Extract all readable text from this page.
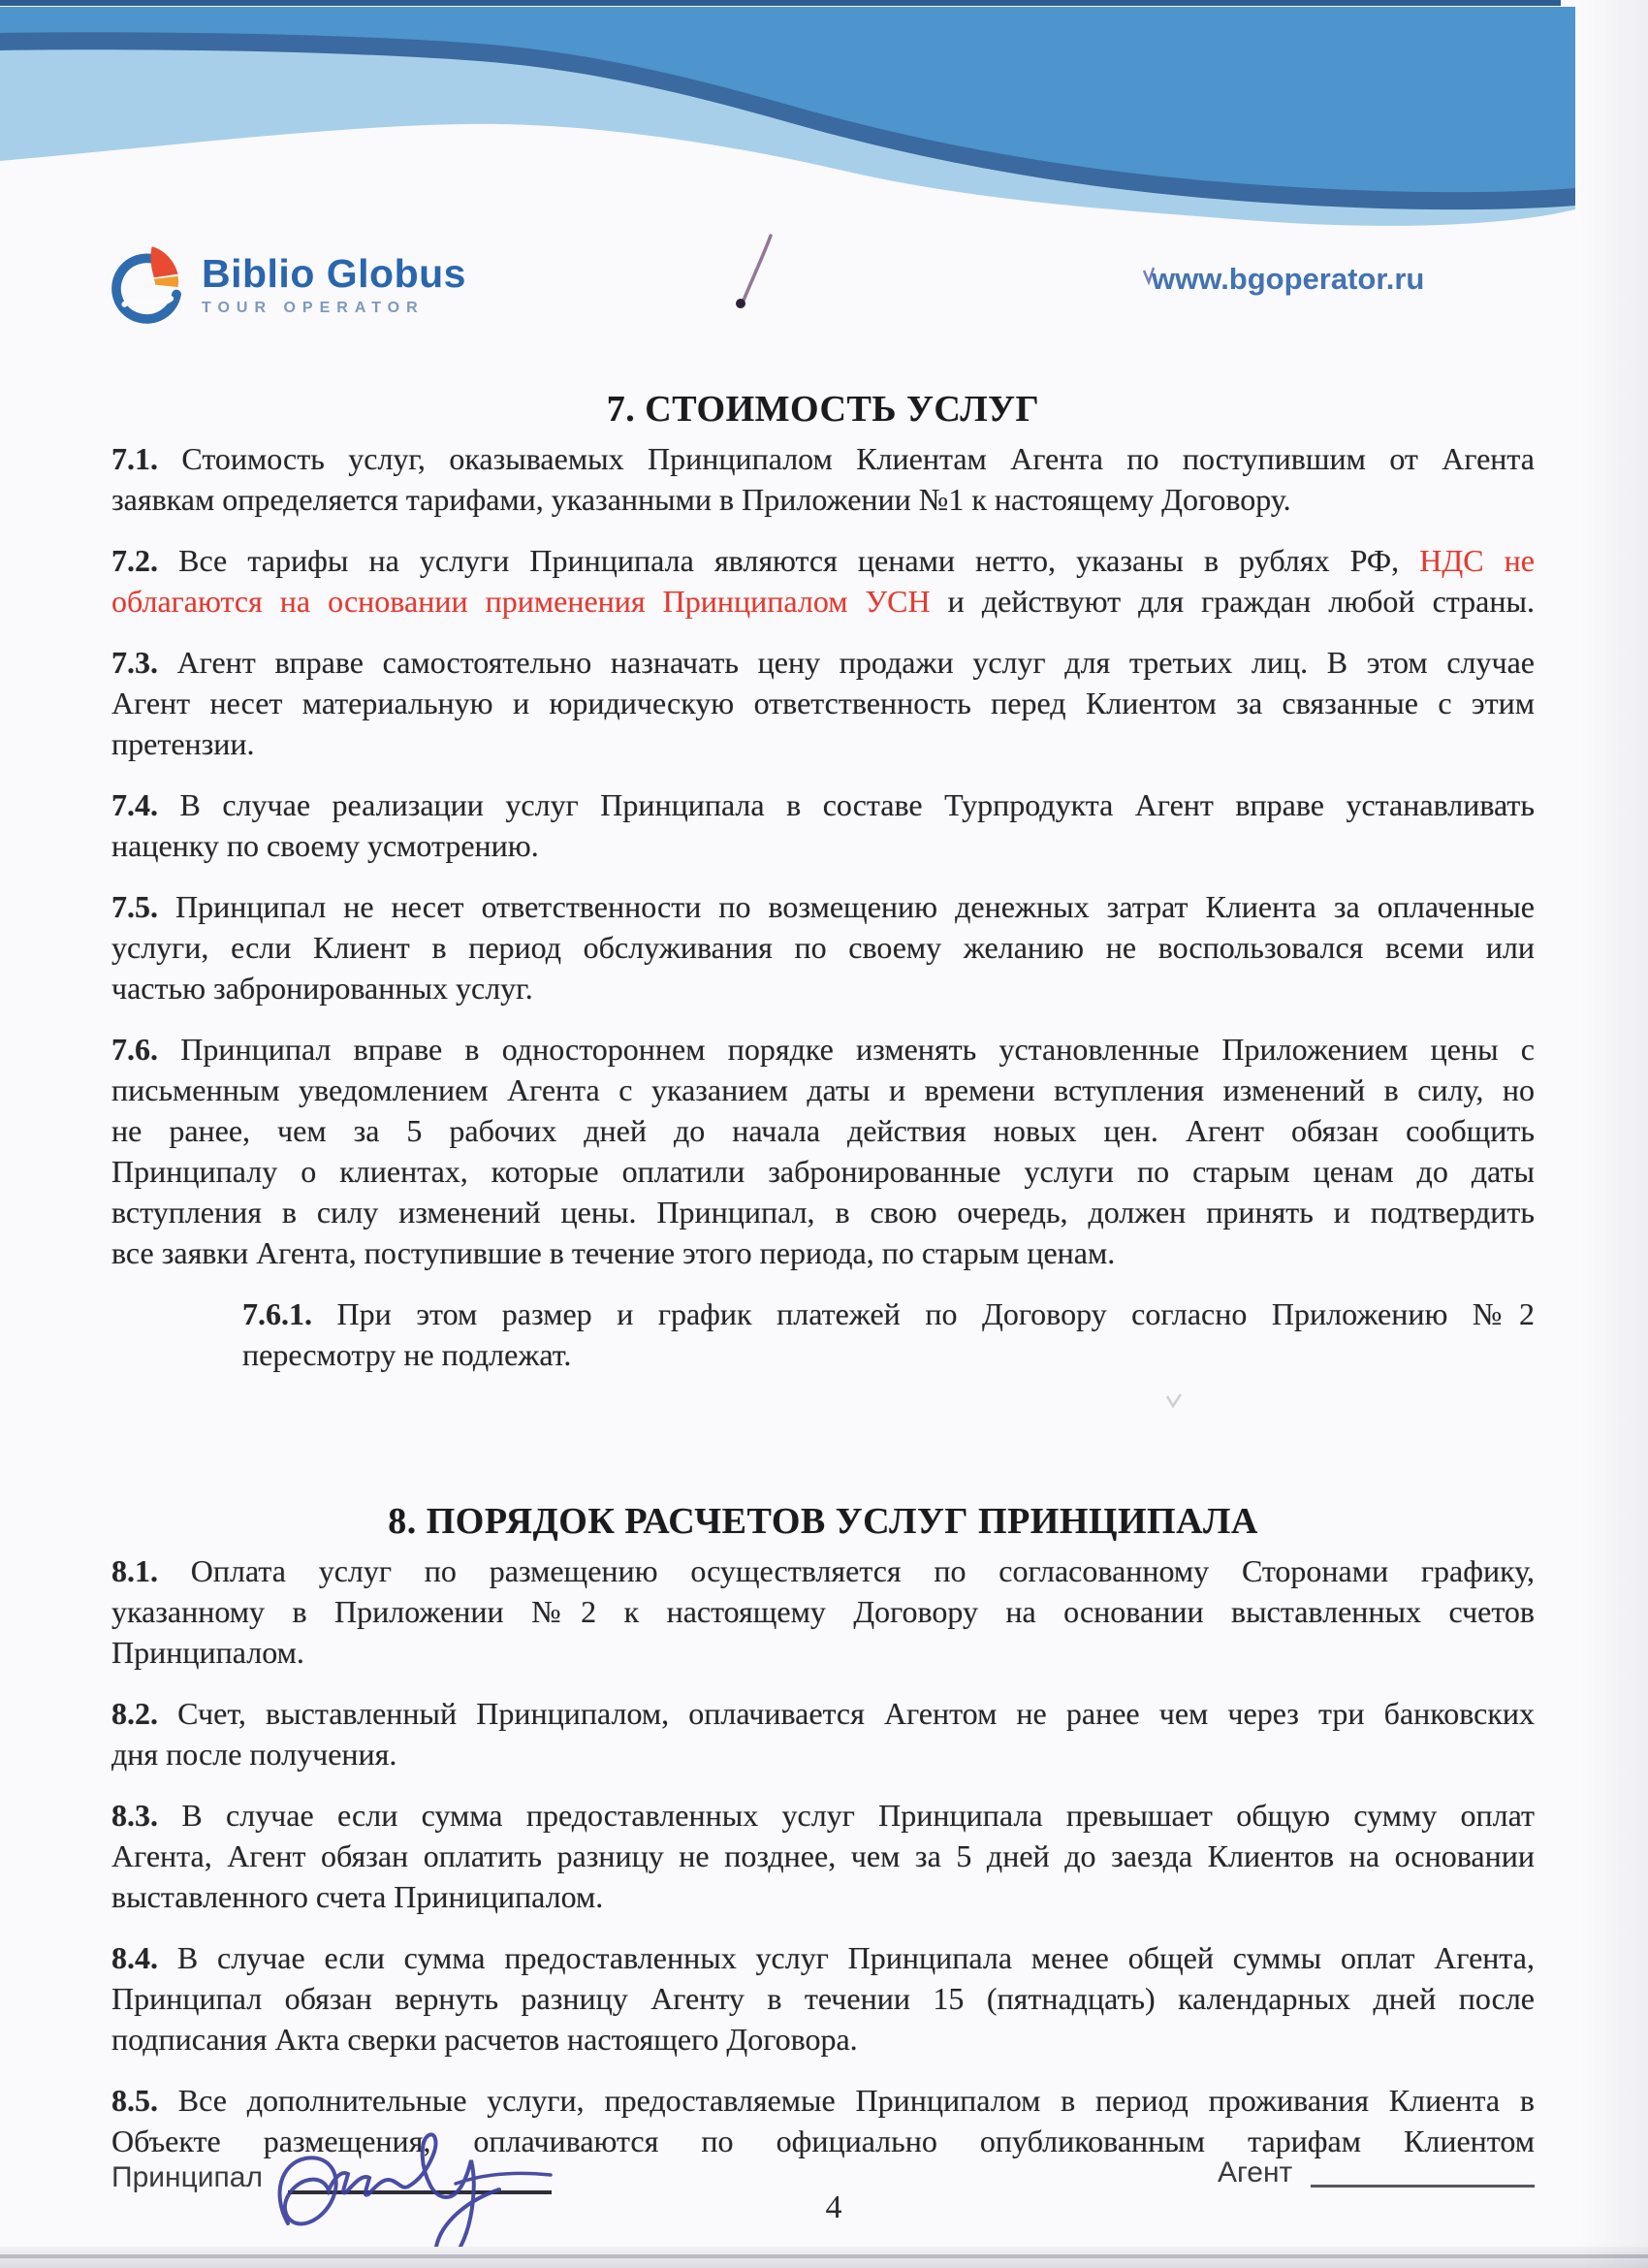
Biblio Globus
TOUR OPERATOR
www.bgoperator.ru
7. СТОИМОСТЬ УСЛУГ
7.1. Стоимость услуг, оказываемых Принципалом Клиентам Агента по поступившим от Агента
заявкам определяется тарифами, указанными в Приложении №1 к настоящему Договору.
7.2. Все тарифы на услуги Принципала являются ценами нетто, указаны в рублях РФ, НДС не
облагаются на основании применения Принципалом УСН и действуют для граждан любой страны.
7.3. Агент вправе самостоятельно назначать цену продажи услуг для третьих лиц. В этом случае
Агент несет материальную и юридическую ответственность перед Клиентом за связанные с этим
претензии.
7.4. В случае реализации услуг Принципала в составе Турпродукта Агент вправе устанавливать
наценку по своему усмотрению.
7.5. Принципал не несет ответственности по возмещению денежных затрат Клиента за оплаченные
услуги, если Клиент в период обслуживания по своему желанию не воспользовался всеми или
частью забронированных услуг.
7.6. Принципал вправе в одностороннем порядке изменять установленные Приложением цены с
письменным уведомлением Агента с указанием даты и времени вступления изменений в силу, но
не ранее, чем за 5 рабочих дней до начала действия новых цен. Агент обязан сообщить
Принципалу о клиентах, которые оплатили забронированные услуги по старым ценам до даты
вступления в силу изменений цены. Принципал, в свою очередь, должен принять и подтвердить
все заявки Агента, поступившие в течение этого периода, по старым ценам.
7.6.1. При этом размер и график платежей по Договору согласно Приложению №2
пересмотру не подлежат.
8. ПОРЯДОК РАСЧЕТОВ УСЛУГ ПРИНЦИПАЛА
8.1. Оплата услуг по размещению осуществляется по согласованному Сторонами графику,
указанному в Приложении №2 к настоящему Договору на основании выставленных счетов
Принципалом.
8.2. Счет, выставленный Принципалом, оплачивается Агентом не ранее чем через три банковских
дня после получения.
8.3. В случае если сумма предоставленных услуг Принципала превышает общую сумму оплат
Агента, Агент обязан оплатить разницу не позднее, чем за 5 дней до заезда Клиентов на основании
выставленного счета Приниципалом.
8.4. В случае если сумма предоставленных услуг Принципала менее общей суммы оплат Агента,
Принципал обязан вернуть разницу Агенту в течении 15 (пятнадцать) календарных дней после
подписания Акта сверки расчетов настоящего Договора.
8.5. Все дополнительные услуги, предоставляемые Принципалом в период проживания Клиента в
Объекте размещения, оплачиваются по официально опубликованным тарифам Клиентом
Принципал	Агент
4
